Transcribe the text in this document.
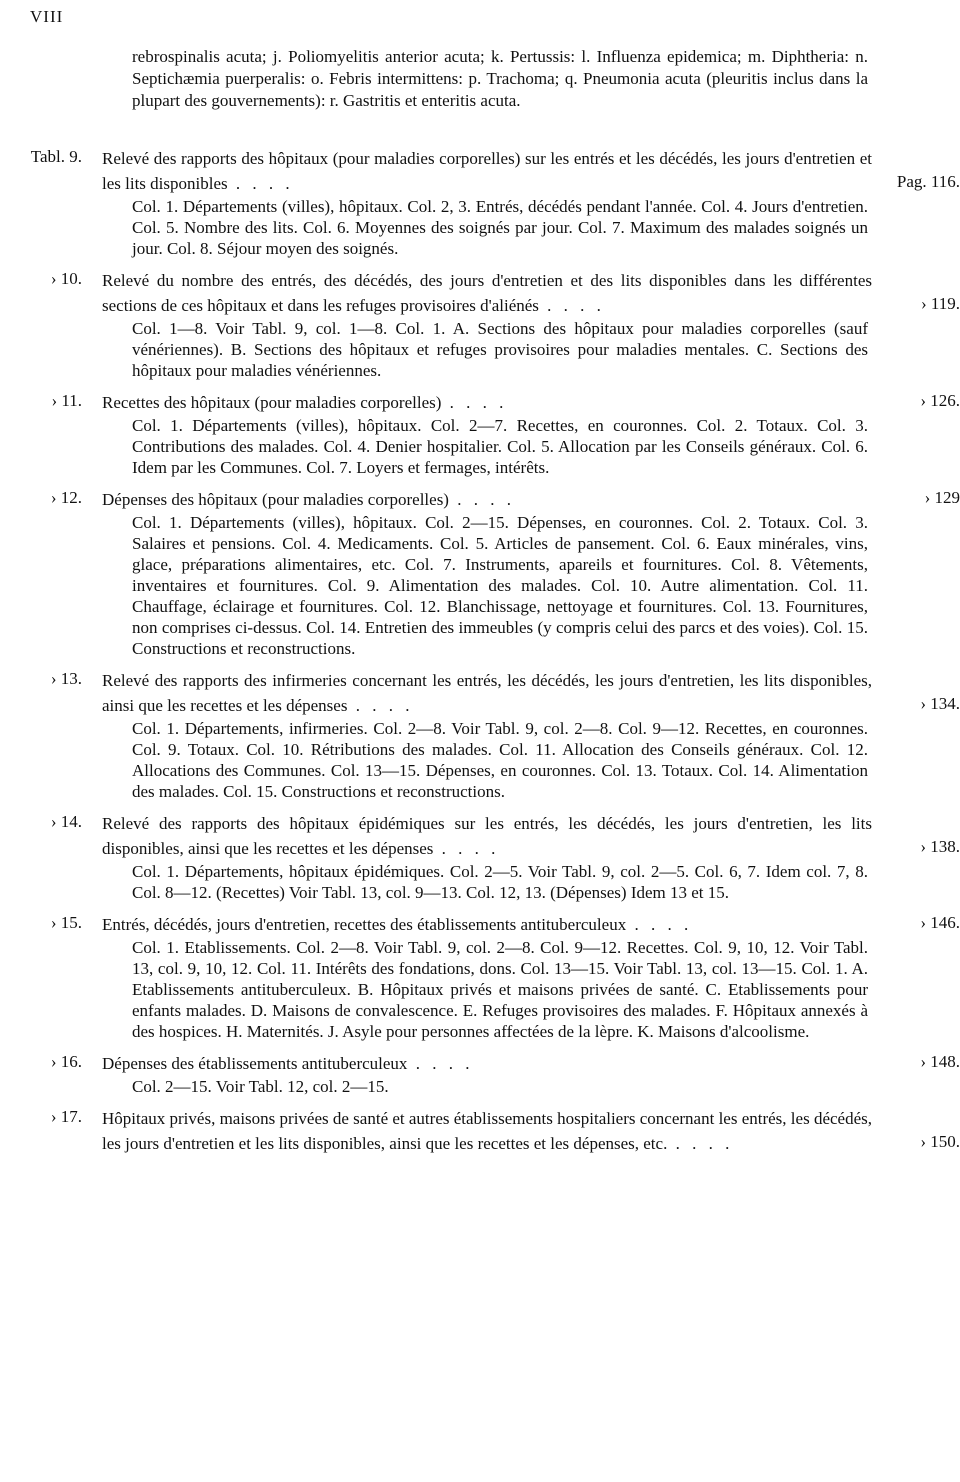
VIII
rebrospinalis acuta; j. Poliomyelitis anterior acuta; k. Pertussis: l. Influenza epidemica; m. Diphtheria: n. Septichæmia puerperalis: o. Febris intermittens: p. Trachoma; q. Pneumonia acuta (pleuritis inclus dans la plupart des gouvernements): r. Gastritis et enteritis acuta.
Tabl. 9. Relevé des rapports des hôpitaux (pour maladies corporelles) sur les entrés et les décédés, les jours d'entretien et les lits disponibles . . . .	Pag. 116.
Col. 1. Départements (villes), hôpitaux. Col. 2, 3. Entrés, décédés pendant l'année. Col. 4. Jours d'entretien. Col. 5. Nombre des lits. Col. 6. Moyennes des soignés par jour. Col. 7. Maximum des malades soignés un jour. Col. 8. Séjour moyen des soignés.
› 10. Relevé du nombre des entrés, des décédés, des jours d'entretien et des lits disponibles dans les différentes sections de ces hôpitaux et dans les refuges provisoires d'aliénés . . . .	› 119.
Col. 1—8. Voir Tabl. 9, col. 1—8. Col. 1. A. Sections des hôpitaux pour maladies corporelles (sauf vénériennes). B. Sections des hôpitaux et refuges provisoires pour maladies mentales. C. Sections des hôpitaux pour maladies vénériennes.
› 11. Recettes des hôpitaux (pour maladies corporelles) . . . .	› 126.
Col. 1. Départements (villes), hôpitaux. Col. 2—7. Recettes, en couronnes. Col. 2. Totaux. Col. 3. Contributions des malades. Col. 4. Denier hospitalier. Col. 5. Allocation par les Conseils généraux. Col. 6. Idem par les Communes. Col. 7. Loyers et fermages, intérêts.
› 12. Dépenses des hôpitaux (pour maladies corporelles) . . . .	› 129
Col. 1. Départements (villes), hôpitaux. Col. 2—15. Dépenses, en couronnes. Col. 2. Totaux. Col. 3. Salaires et pensions. Col. 4. Medicaments. Col. 5. Articles de pansement. Col. 6. Eaux minérales, vins, glace, préparations alimentaires, etc. Col. 7. Instruments, apareils et fournitures. Col. 8. Vêtements, inventaires et fournitures. Col. 9. Alimentation des malades. Col. 10. Autre alimentation. Col. 11. Chauffage, éclairage et fournitures. Col. 12. Blanchissage, nettoyage et fournitures. Col. 13. Fournitures, non comprises ci-dessus. Col. 14. Entretien des immeubles (y compris celui des parcs et des voies). Col. 15. Constructions et reconstructions.
› 13. Relevé des rapports des infirmeries concernant les entrés, les décédés, les jours d'entretien, les lits disponibles, ainsi que les recettes et les dépenses . . . .	› 134.
Col. 1. Départements, infirmeries. Col. 2—8. Voir Tabl. 9, col. 2—8. Col. 9—12. Recettes, en couronnes. Col. 9. Totaux. Col. 10. Rétributions des malades. Col. 11. Allocation des Conseils généraux. Col. 12. Allocations des Communes. Col. 13—15. Dépenses, en couronnes. Col. 13. Totaux. Col. 14. Alimentation des malades. Col. 15. Constructions et reconstructions.
› 14. Relevé des rapports des hôpitaux épidémiques sur les entrés, les décédés, les jours d'entretien, les lits disponibles, ainsi que les recettes et les dépenses . . . .	› 138.
Col. 1. Départements, hôpitaux épidémiques. Col. 2—5. Voir Tabl. 9, col. 2—5. Col. 6, 7. Idem col. 7, 8. Col. 8—12. (Recettes) Voir Tabl. 13, col. 9—13. Col. 12, 13. (Dépenses) Idem 13 et 15.
› 15. Entrés, décédés, jours d'entretien, recettes des établissements antituberculeux . . . .	› 146.
Col. 1. Etablissements. Col. 2—8. Voir Tabl. 9, col. 2—8. Col. 9—12. Recettes. Col. 9, 10, 12. Voir Tabl. 13, col. 9, 10, 12. Col. 11. Intérêts des fondations, dons. Col. 13—15. Voir Tabl. 13, col. 13—15. Col. 1. A. Etablissements antituberculeux. B. Hôpitaux privés et maisons privées de santé. C. Etablissements pour enfants malades. D. Maisons de convalescence. E. Refuges provisoires des malades. F. Hôpitaux annexés à des hospices. H. Maternités. J. Asyle pour personnes affectées de la lèpre. K. Maisons d'alcoolisme.
› 16. Dépenses des établissements antituberculeux . . . .	› 148.
Col. 2—15. Voir Tabl. 12, col. 2—15.
› 17. Hôpitaux privés, maisons privées de santé et autres établissements hospitaliers concernant les entrés, les décédés, les jours d'entretien et les lits disponibles, ainsi que les recettes et les dépenses, etc. . . . .	› 150.
